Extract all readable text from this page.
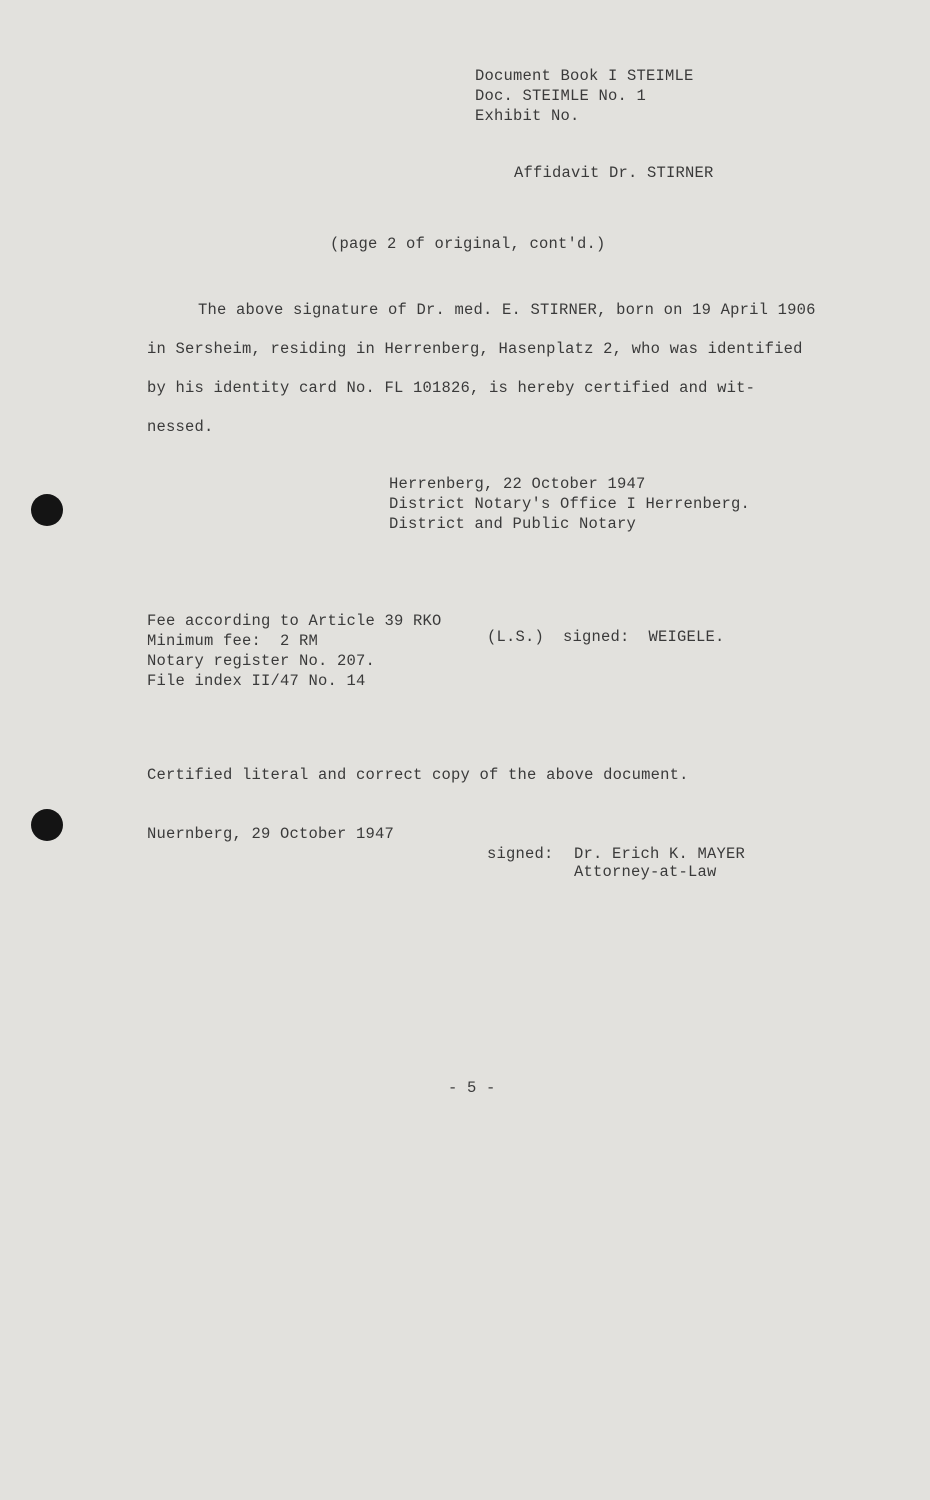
Document Book I STEIMLE
Doc. STEIMLE No. 1
Exhibit No.
Affidavit Dr. STIRNER
(page 2 of original, cont'd.)
The above signature of Dr. med. E. STIRNER, born on 19 April 1906
in Sersheim, residing in Herrenberg, Hasenplatz 2, who was identified
by his identity card No. FL 101826, is hereby certified and wit-
nessed.
Herrenberg, 22 October 1947
District Notary's Office I Herrenberg.
District and Public Notary
Fee according to Article 39 RKO
Minimum fee:  2 RM
Notary register No. 207.
File index II/47 No. 14
(L.S.)  signed:  WEIGELE.
Certified literal and correct copy of the above document.
Nuernberg, 29 October 1947
signed: Dr. Erich K. MAYER
Attorney-at-Law
- 5 -
